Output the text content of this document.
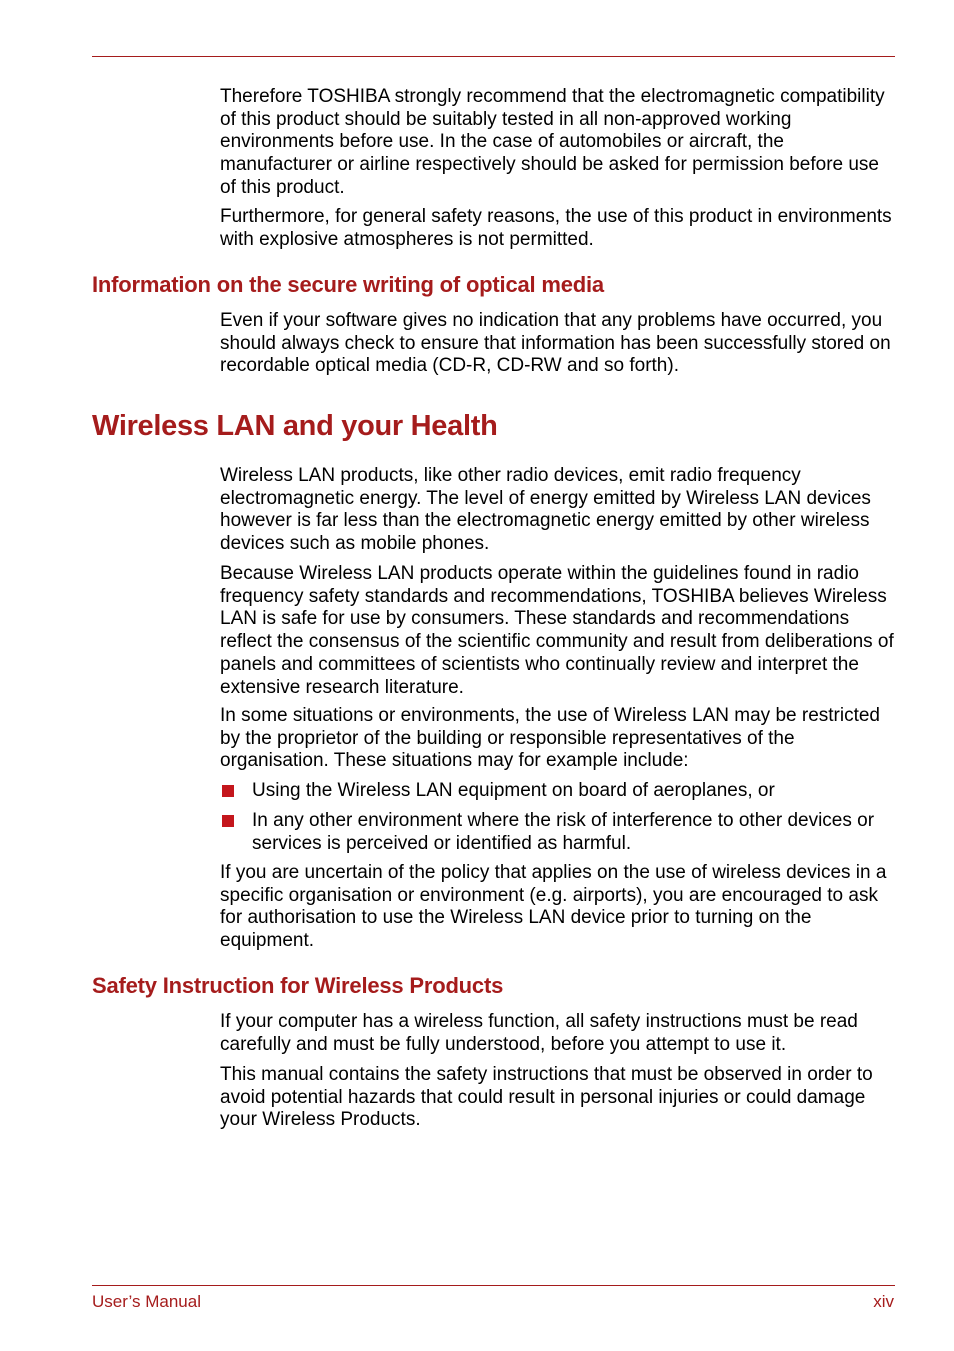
Therefore TOSHIBA strongly recommend that the electromagnetic compatibility of this product should be suitably tested in all non-approved working environments before use. In the case of automobiles or aircraft, the manufacturer or airline respectively should be asked for permission before use of this product.

Furthermore, for general safety reasons, the use of this product in environments with explosive atmospheres is not permitted.

Information on the secure writing of optical media

Even if your software gives no indication that any problems have occurred, you should always check to ensure that information has been successfully stored on recordable optical media (CD-R, CD-RW and so forth).

Wireless LAN and your Health

Wireless LAN products, like other radio devices, emit radio frequency electromagnetic energy. The level of energy emitted by Wireless LAN devices however is far less than the electromagnetic energy emitted by other wireless devices such as mobile phones.

Because Wireless LAN products operate within the guidelines found in radio frequency safety standards and recommendations, TOSHIBA believes Wireless LAN is safe for use by consumers. These standards and recommendations reflect the consensus of the scientific community and result from deliberations of panels and committees of scientists who continually review and interpret the extensive research literature.

In some situations or environments, the use of Wireless LAN may be restricted by the proprietor of the building or responsible representatives of the organisation. These situations may for example include:

Using the Wireless LAN equipment on board of aeroplanes, or
In any other environment where the risk of interference to other devices or services is perceived or identified as harmful.

If you are uncertain of the policy that applies on the use of wireless devices in a specific organisation or environment (e.g. airports), you are encouraged to ask for authorisation to use the Wireless LAN device prior to turning on the equipment.

Safety Instruction for Wireless Products

If your computer has a wireless function, all safety instructions must be read carefully and must be fully understood, before you attempt to use it.

This manual contains the safety instructions that must be observed in order to avoid potential hazards that could result in personal injuries or could damage your Wireless Products.

User’s Manual	xiv
